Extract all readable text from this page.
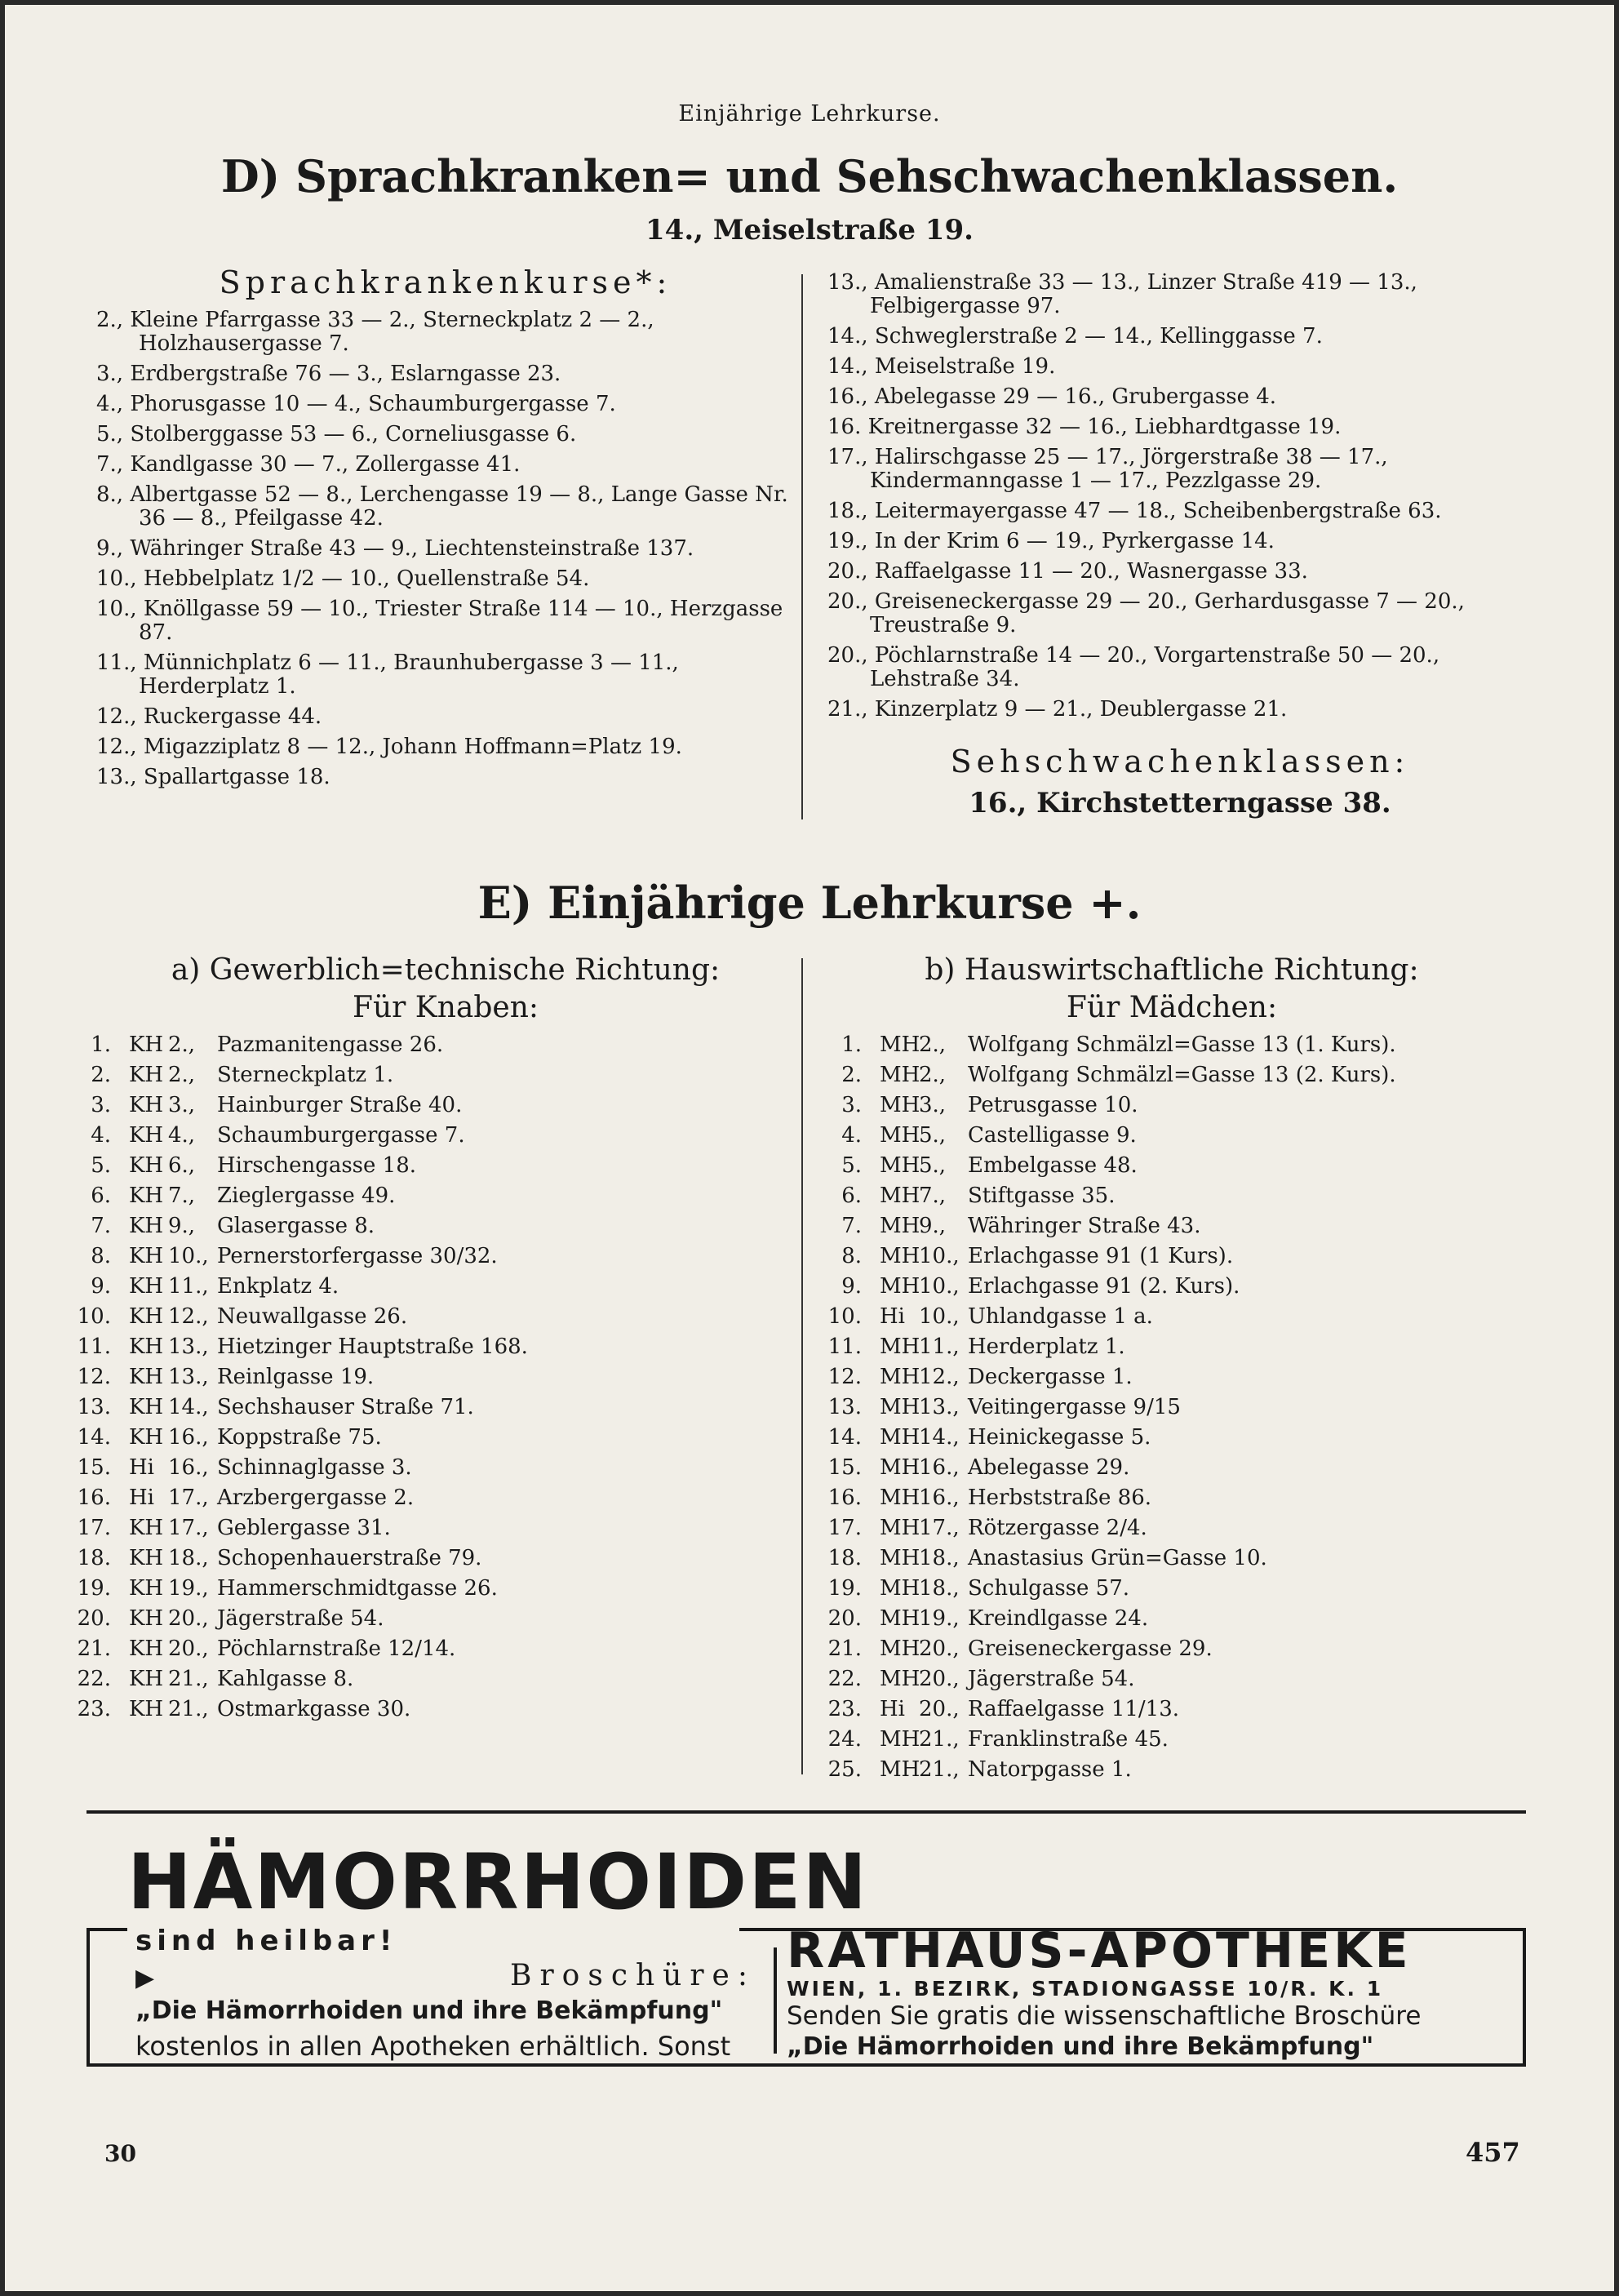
Einjährige Lehrkurse.
D) Sprachkranken= und Sehschwachenklassen.
14., Meiselstraße 19.
Sprachkrankenkurse*:
2., Kleine Pfarrgasse 33 — 2., Sterneckplatz 2 — 2., Holzhausergasse 7.
3., Erdbergstraße 76 — 3., Eslarngasse 23.
4., Phorusgasse 10 — 4., Schaumburgergasse 7.
5., Stolberggasse 53 — 6., Corneliusgasse 6.
7., Kandlgasse 30 — 7., Zollergasse 41.
8., Albertgasse 52 — 8., Lerchengasse 19 — 8., Lange Gasse Nr. 36 — 8., Pfeilgasse 42.
9., Währinger Straße 43 — 9., Liechtensteinstraße 137.
10., Hebbelplatz 1/2 — 10., Quellenstraße 54.
10., Knöllgasse 59 — 10., Triester Straße 114 — 10., Herzgasse 87.
11., Münnichplatz 6 — 11., Braunhubergasse 3 — 11., Herderplatz 1.
12., Ruckergasse 44.
12., Migazziplatz 8 — 12., Johann Hoffmann=Platz 19.
13., Spallartgasse 18.
13., Amalienstraße 33 — 13., Linzer Straße 419 — 13., Felbigergasse 97.
14., Schweglerstraße 2 — 14., Kellinggasse 7.
14., Meiselstraße 19.
16., Abelegasse 29 — 16., Grubergasse 4.
16. Kreitnergasse 32 — 16., Liebhardtgasse 19.
17., Halirschgasse 25 — 17., Jörgerstraße 38 — 17., Kindermanngasse 1 — 17., Pezzlgasse 29.
18., Leitermayergasse 47 — 18., Scheibenbergstraße 63.
19., In der Krim 6 — 19., Pyrkergasse 14.
20., Raffaelgasse 11 — 20., Wasnergasse 33.
20., Greiseneckergasse 29 — 20., Gerhardusgasse 7 — 20., Treustraße 9.
20., Pöchlarnstraße 14 — 20., Vorgartenstraße 50 — 20., Lehstraße 34.
21., Kinzerplatz 9 — 21., Deublergasse 21.
Sehschwachenklassen:
16., Kirchstetterngasse 38.
E) Einjährige Lehrkurse +.
a) Gewerblich=technische Richtung:
Für Knaben:
b) Hauswirtschaftliche Richtung:
Für Mädchen:
1. KH 2., Pazmanitengasse 26.
2. KH 2., Sterneckplatz 1.
3. KH 3., Hainburger Straße 40.
4. KH 4., Schaumburgergasse 7.
5. KH 6., Hirschengasse 18.
6. KH 7., Zieglergasse 49.
7. KH 9., Glasergasse 8.
8. KH 10., Pernerstorfergasse 30/32.
9. KH 11., Enkplatz 4.
10. KH 12., Neuwallgasse 26.
11. KH 13., Hietzinger Hauptstraße 168.
12. KH 13., Reinlgasse 19.
13. KH 14., Sechshauser Straße 71.
14. KH 16., Koppstraße 75.
15. Hi 16., Schinnaglgasse 3.
16. Hi 17., Arzbergergasse 2.
17. KH 17., Geblergasse 31.
18. KH 18., Schopenhauerstraße 79.
19. KH 19., Hammerschmidtgasse 26.
20. KH 20., Jägerstraße 54.
21. KH 20., Pöchlarnstraße 12/14.
22. KH 21., Kahlgasse 8.
23. KH 21., Ostmarkgasse 30.
1. MH2., Wolfgang Schmälzl=Gasse 13 (1. Kurs).
2. MH2., Wolfgang Schmälzl=Gasse 13 (2. Kurs).
3. MH3., Petrusgasse 10.
4. MH5., Castelligasse 9.
5. MH5., Embelgasse 48.
6. MH7., Stiftgasse 35.
7. MH9., Währinger Straße 43.
8. MH10., Erlachgasse 91 (1 Kurs).
9. MH10., Erlachgasse 91 (2. Kurs).
10. Hi 10., Uhlandgasse 1 a.
11. MH11., Herderplatz 1.
12. MH12., Deckergasse 1.
13. MH13., Veitingergasse 9/15
14. MH14., Heinickegasse 5.
15. MH16., Abelegasse 29.
16. MH16., Herbststraße 86.
17. MH17., Rötzergasse 2/4.
18. MH18., Anastasius Grün=Gasse 10.
19. MH18., Schulgasse 57.
20. MH19., Kreindlgasse 24.
21. MH20., Greiseneckergasse 29.
22. MH20., Jägerstraße 54.
23. Hi 20., Raffaelgasse 11/13.
24. MH21., Franklinstraße 45.
25. MH21., Natorpgasse 1.
HÄMORRHOIDEN
sind heilbar!
▶	Broschüre:
„Die Hämorrhoiden und ihre Bekämpfung"
kostenlos in allen Apotheken erhältlich. Sonst
RATHAUS-APOTHEKE
WIEN, 1. BEZIRK, STADIONGASSE 10/R. K. 1
Senden Sie gratis die wissenschaftliche Broschüre
„Die Hämorrhoiden und ihre Bekämpfung"
30	457
